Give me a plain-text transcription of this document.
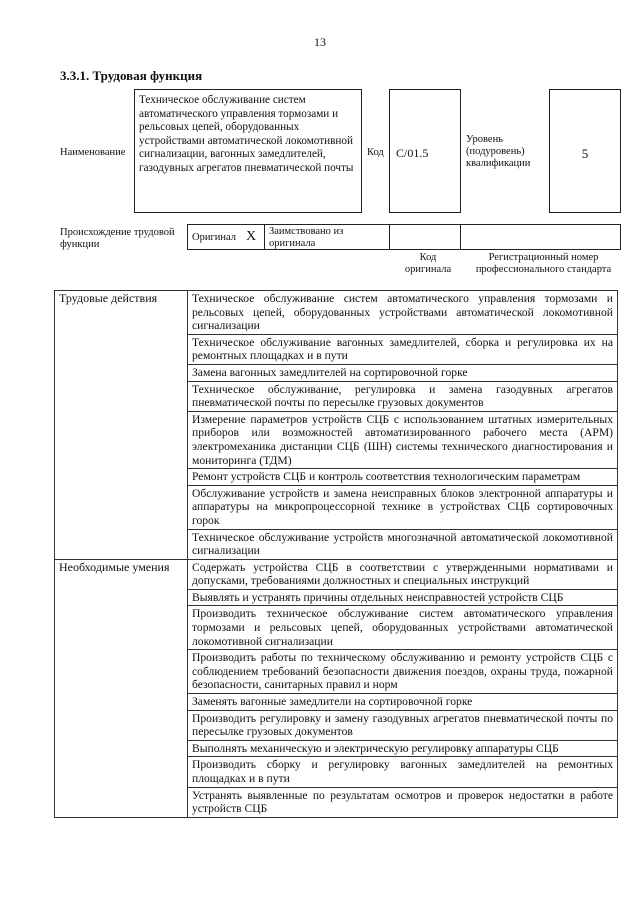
13
3.3.1. Трудовая функция
Наименование
Техническое обслуживание систем автоматического управления тормозами и рельсовых цепей, оборудованных устройствами автоматической локомотивной сигнализации, вагонных замедлителей, газодувных агрегатов пневматической почты
Код	С/01.5
Уровень (подуровень) квалификации
5
Происхождение трудовой функции
Оригинал X	Заимствовано из оригинала
Код оригинала
Регистрационный номер профессионального стандарта
Трудовые действия	Техническое обслуживание систем автоматического управления тормозами и рельсовых цепей, оборудованных устройствами автоматической локомотивной сигнализации
	Техническое обслуживание вагонных замедлителей, сборка и регулировка их на ремонтных площадках и в пути
	Замена вагонных замедлителей на сортировочной горке
	Техническое обслуживание, регулировка и замена газодувных агрегатов пневматической почты по пересылке грузовых документов
	Измерение параметров устройств СЦБ с использованием штатных измерительных приборов или возможностей автоматизированного рабочего места (АРМ) электромеханика дистанции СЦБ (ШН) системы технического диагностирования и мониторинга (ТДМ)
	Ремонт устройств СЦБ и контроль соответствия технологическим параметрам
	Обслуживание устройств и замена неисправных блоков электронной аппаратуры и аппаратуры на микропроцессорной технике в устройствах СЦБ сортировочных горок
	Техническое обслуживание устройств многозначной автоматической локомотивной сигнализации
Необходимые умения	Содержать устройства СЦБ в соответствии с утвержденными нормативами и допусками, требованиями должностных и специальных инструкций
	Выявлять и устранять причины отдельных неисправностей устройств СЦБ
	Производить техническое обслуживание систем автоматического управления тормозами и рельсовых цепей, оборудованных устройствами автоматической локомотивной сигнализации
	Производить работы по техническому обслуживанию и ремонту устройств СЦБ с соблюдением требований безопасности движения поездов, охраны труда, пожарной безопасности, санитарных правил и норм
	Заменять вагонные замедлители на сортировочной горке
	Производить регулировку и замену газодувных агрегатов пневматической почты по пересылке грузовых документов
	Выполнять механическую и электрическую регулировку аппаратуры СЦБ
	Производить сборку и регулировку вагонных замедлителей на ремонтных площадках и в пути
	Устранять выявленные по результатам осмотров и проверок недостатки в работе устройств СЦБ
